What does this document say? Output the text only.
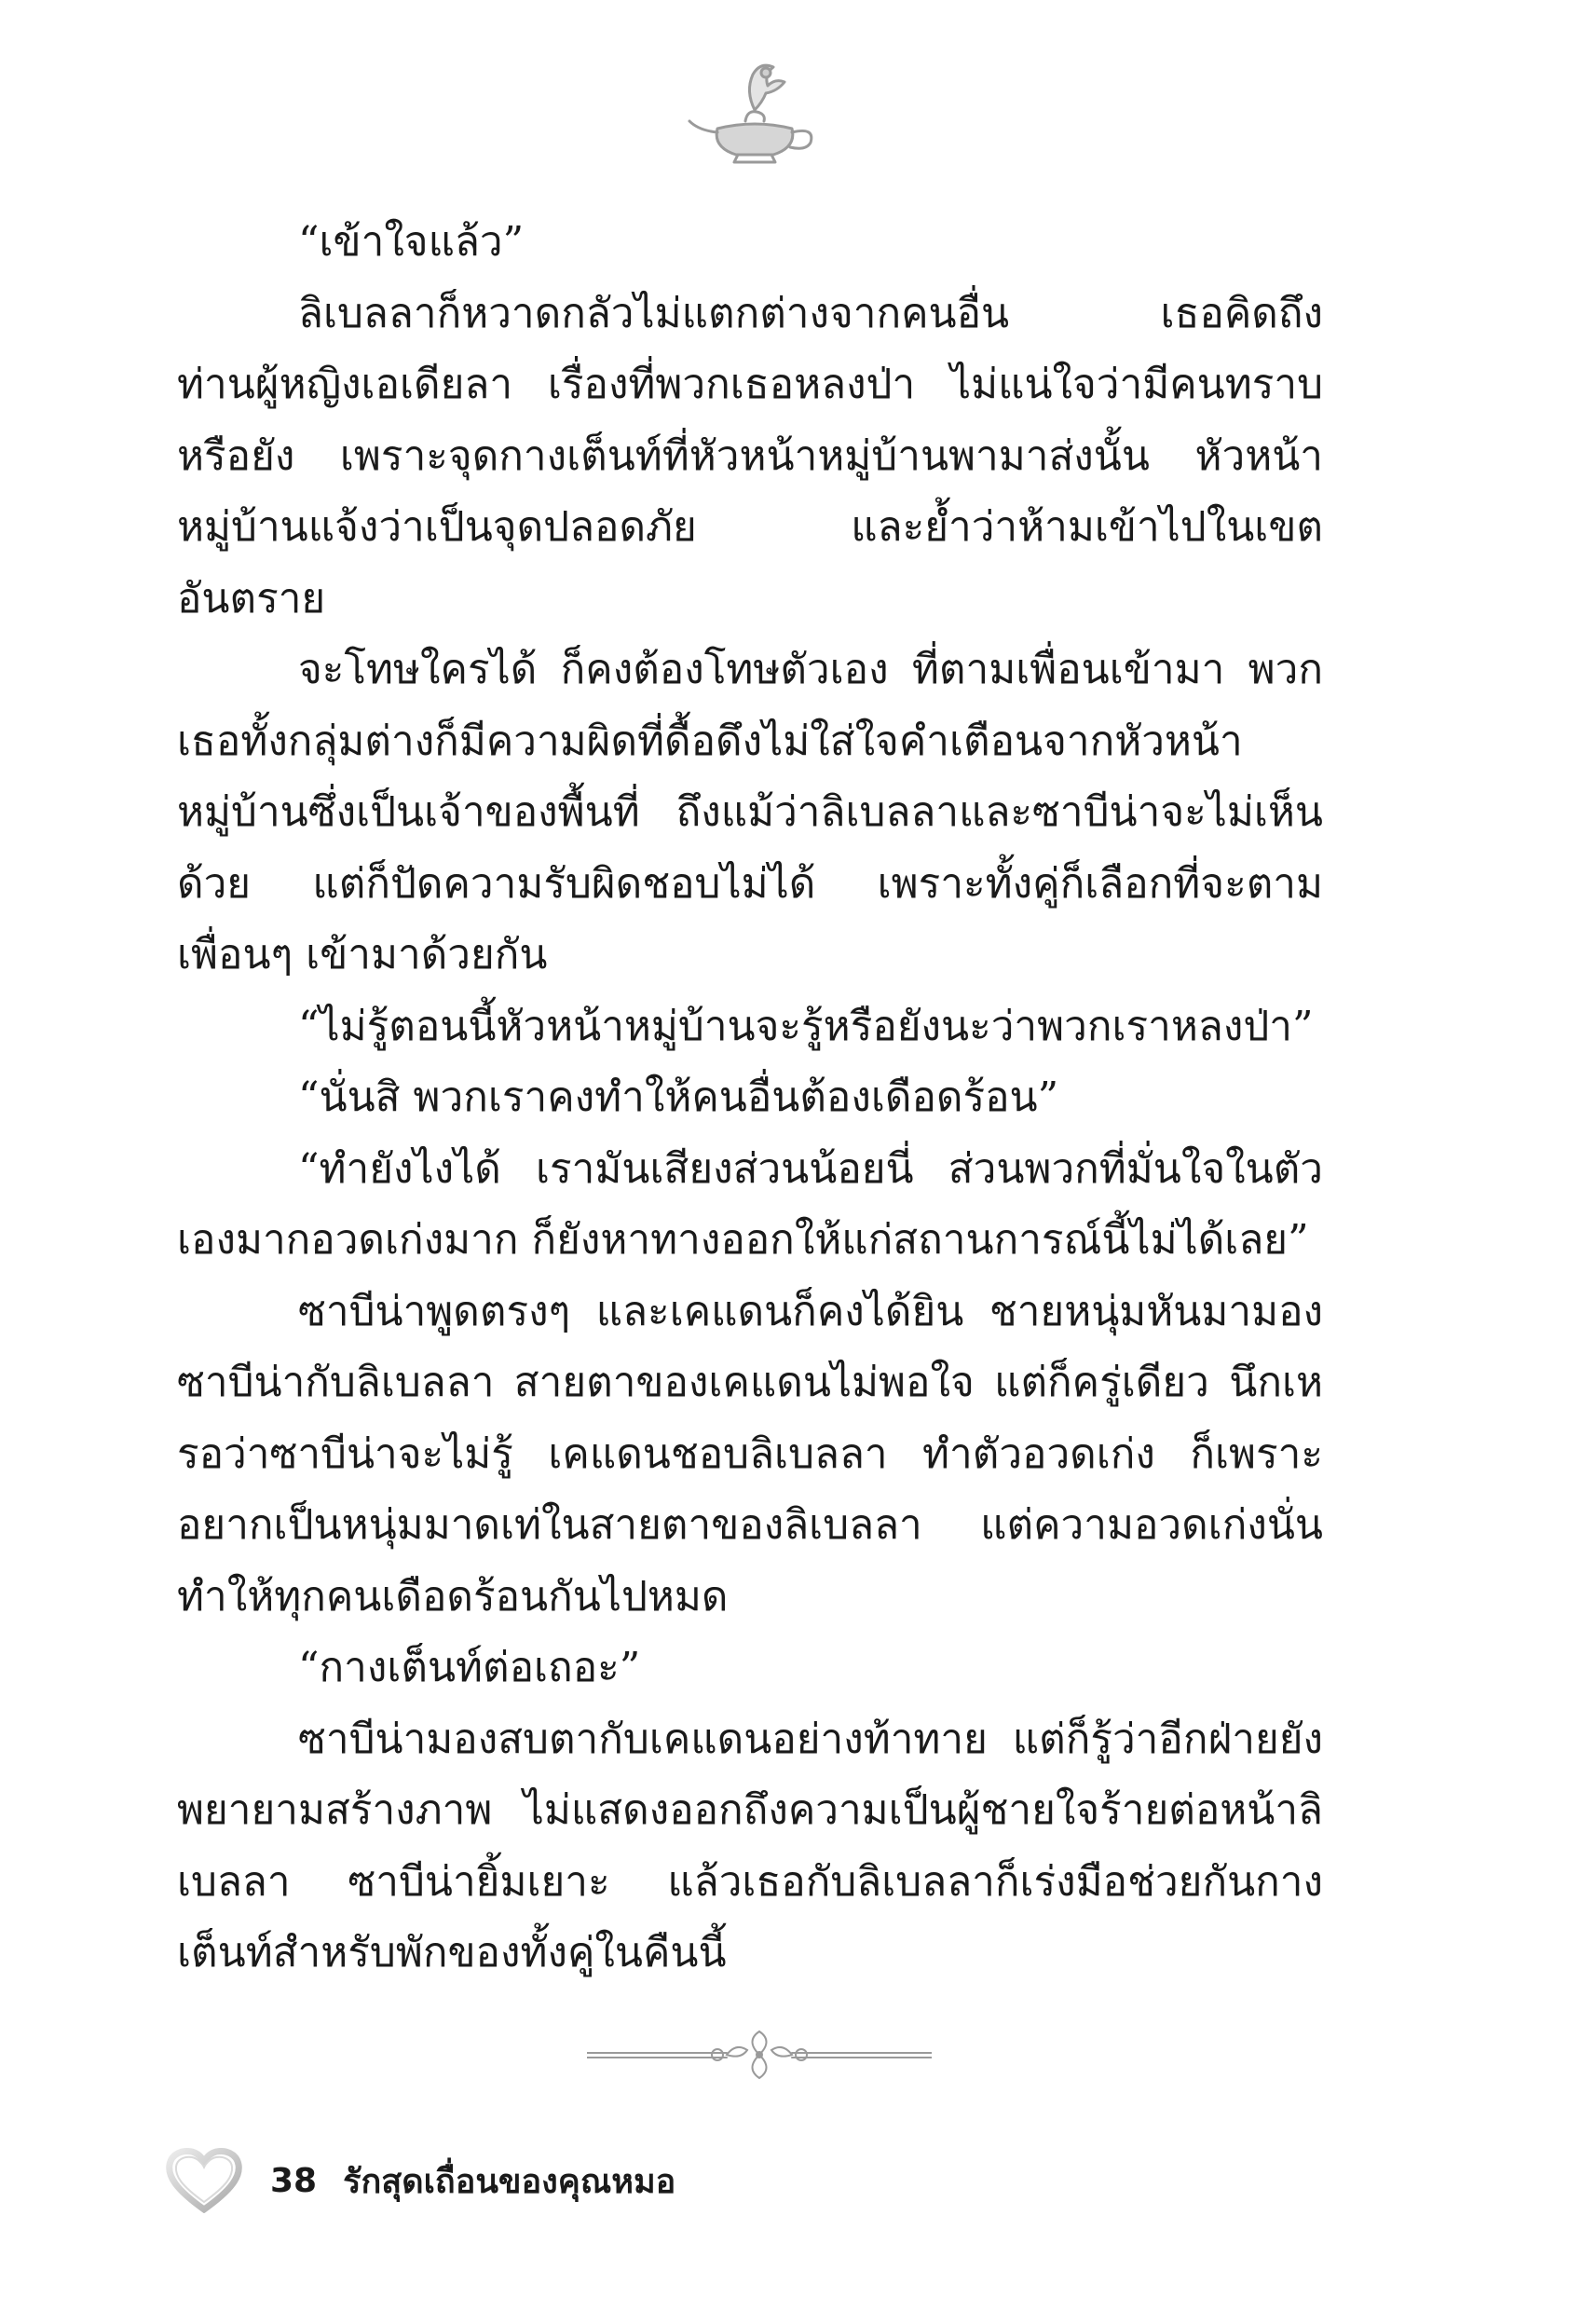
“เข้าใจแล้ว”

ลิเบลลาก็หวาดกลัวไม่แตกต่างจากคนอื่น เธอคิดถึงท่านผู้หญิงเอเดียลา เรื่องที่พวกเธอหลงป่า ไม่แน่ใจว่ามีคนทราบหรือยัง เพราะจุดกางเต็นท์ที่หัวหน้าหมู่บ้านพามาส่งนั้น หัวหน้าหมู่บ้านแจ้งว่าเป็นจุดปลอดภัย และย้ำว่าห้ามเข้าไปในเขตอันตราย

จะโทษใครได้ ก็คงต้องโทษตัวเอง ที่ตามเพื่อนเข้ามา พวกเธอทั้งกลุ่มต่างก็มีความผิดที่ดื้อดึงไม่ใส่ใจคำเตือนจากหัวหน้าหมู่บ้านซึ่งเป็นเจ้าของพื้นที่ ถึงแม้ว่าลิเบลลาและซาบีน่าจะไม่เห็นด้วย แต่ก็ปัดความรับผิดชอบไม่ได้ เพราะทั้งคู่ก็เลือกที่จะตามเพื่อนๆ เข้ามาด้วยกัน

“ไม่รู้ตอนนี้หัวหน้าหมู่บ้านจะรู้หรือยังนะว่าพวกเราหลงป่า”

“นั่นสิ พวกเราคงทำให้คนอื่นต้องเดือดร้อน”

“ทำยังไงได้ เรามันเสียงส่วนน้อยนี่ ส่วนพวกที่มั่นใจในตัวเองมากอวดเก่งมาก ก็ยังหาทางออกให้แก่สถานการณ์นี้ไม่ได้เลย”

ซาบีน่าพูดตรงๆ และเคแดนก็คงได้ยิน ชายหนุ่มหันมามองซาบีน่ากับลิเบลลา สายตาของเคแดนไม่พอใจ แต่ก็ครู่เดียว นึกเหรอว่าซาบีน่าจะไม่รู้ เคแดนชอบลิเบลลา ทำตัวอวดเก่ง ก็เพราะอยากเป็นหนุ่มมาดเท่ในสายตาของลิเบลลา แต่ความอวดเก่งนั่นทำให้ทุกคนเดือดร้อนกันไปหมด

“กางเต็นท์ต่อเถอะ”

ซาบีน่ามองสบตากับเคแดนอย่างท้าทาย แต่ก็รู้ว่าอีกฝ่ายยังพยายามสร้างภาพ ไม่แสดงออกถึงความเป็นผู้ชายใจร้ายต่อหน้าลิเบลลา ซาบีน่ายิ้มเยาะ แล้วเธอกับลิเบลลาก็เร่งมือช่วยกันกางเต็นท์สำหรับพักของทั้งคู่ในคืนนี้

38 รักสุดเถื่อนของคุณหมอ
